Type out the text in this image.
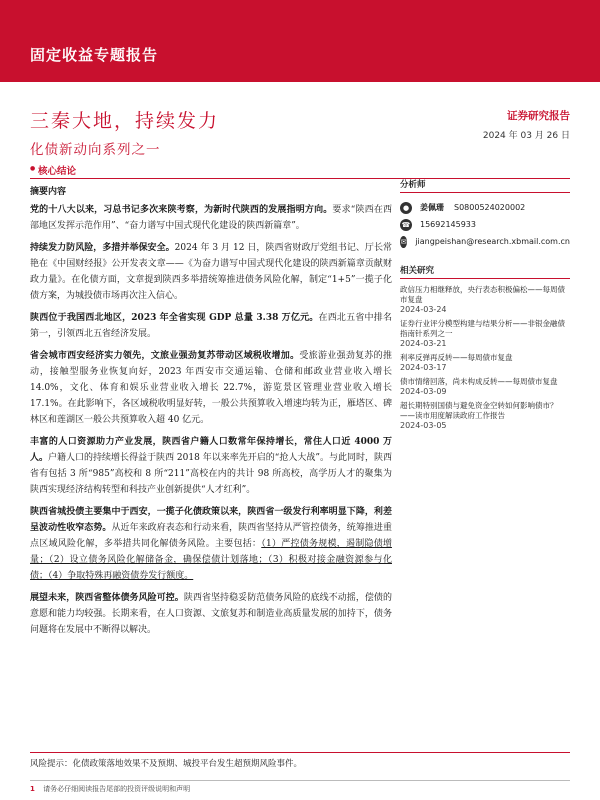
固定收益专题报告
三秦大地，持续发力
化债新动向系列之一
证券研究报告
2024 年 03 月 26 日
● 核心结论

摘要内容

党的十八大以来，习总书记多次来陕考察，为新时代陕西的发展指明方向。要求“陕西在西部地区发挥示范作用”、“奋力谱写中国式现代化建设的陕西新篇章”。

持续发力防风险，多措并举保安全。2024 年 3 月 12 日，陕西省财政厅党组书记、厅长常艳在《中国财经报》公开发表文章——《为奋力谱写中国式现代化建设的陕西新篇章贡献财政力量》。在化债方面，文章提到陕西多举措统筹推进债务风险化解，制定“1+5”一揽子化债方案，为城投债市场再次注入信心。

陕西位于我国西北地区，2023 年全省实现 GDP 总量 3.38 万亿元。在西北五省中排名第一，引领西北五省经济发展。

省会城市西安经济实力领先，文旅业强劲复苏带动区域税收增加。受旅游业强劲复苏的推动，接触型服务业恢复向好，2023 年西安市交通运输、仓储和邮政业营业收入增长 14.0%，文化、体育和娱乐业营业收入增长 22.7%，游览景区管理业营业收入增长 17.1%。在此影响下，各区域税收明显好转，一般公共预算收入增速均转为正，雁塔区、碑林区和莲湖区一般公共预算收入超 40 亿元。

丰富的人口资源助力产业发展，陕西省户籍人口数常年保持增长，常住人口近 4000 万人。户籍人口的持续增长得益于陕西 2018 年以来率先开启的“抢人大战”。与此同时，陕西省有包括 3 所“985”高校和 8 所“211”高校在内的共计 98 所高校，高学历人才的聚集为陕西实现经济结构转型和科技产业创新提供“人才红利”。

陕西省城投债主要集中于西安，一揽子化债政策以来，陕西省一级发行利率明显下降，利差呈波动性收窄态势。从近年来政府表态和行动来看，陕西省坚持从严管控债务，统筹推进重点区域风险化解，多举措共同化解债务风险。主要包括：（1）严控债务规模，遏制隐债增量；（2）设立债务风险化解储备金，确保偿债计划落地；（3）积极对接金融资源参与化债；（4）争取特殊再融资债券发行额度。

展望未来，陕西省整体债务风险可控。陕西省坚持稳妥防范债务风险的底线不动摇，偿债的意愿和能力均较强。长期来看，在人口资源、文旅复苏和制造业高质量发展的加持下，债务问题将在发展中不断得以解决。

分析师
●	姜佩珊 S0800524020002
☎ 15692145933
✉ jiangpeishan@research.xbmail.com.cn
相关研究
政信压力相继释放，央行表态积极偏松——每周债市复盘
2024-03-24
证券行业评分模型构建与结果分析——非银金融债指南针系列之一
2024-03-21
利率反弹再反转——每周债市复盘
2024-03-17
债市情绪回落，尚未构成反转——每周债市复盘
2024-03-09
超长期特别国债与避免资金空转如何影响债市？——读市用度解读政府工作报告
2024-03-05
风险提示：化债政策落地效果不及预期、城投平台发生超预期风险事件。
1 请务必仔细阅读报告尾部的投资评级说明和声明
